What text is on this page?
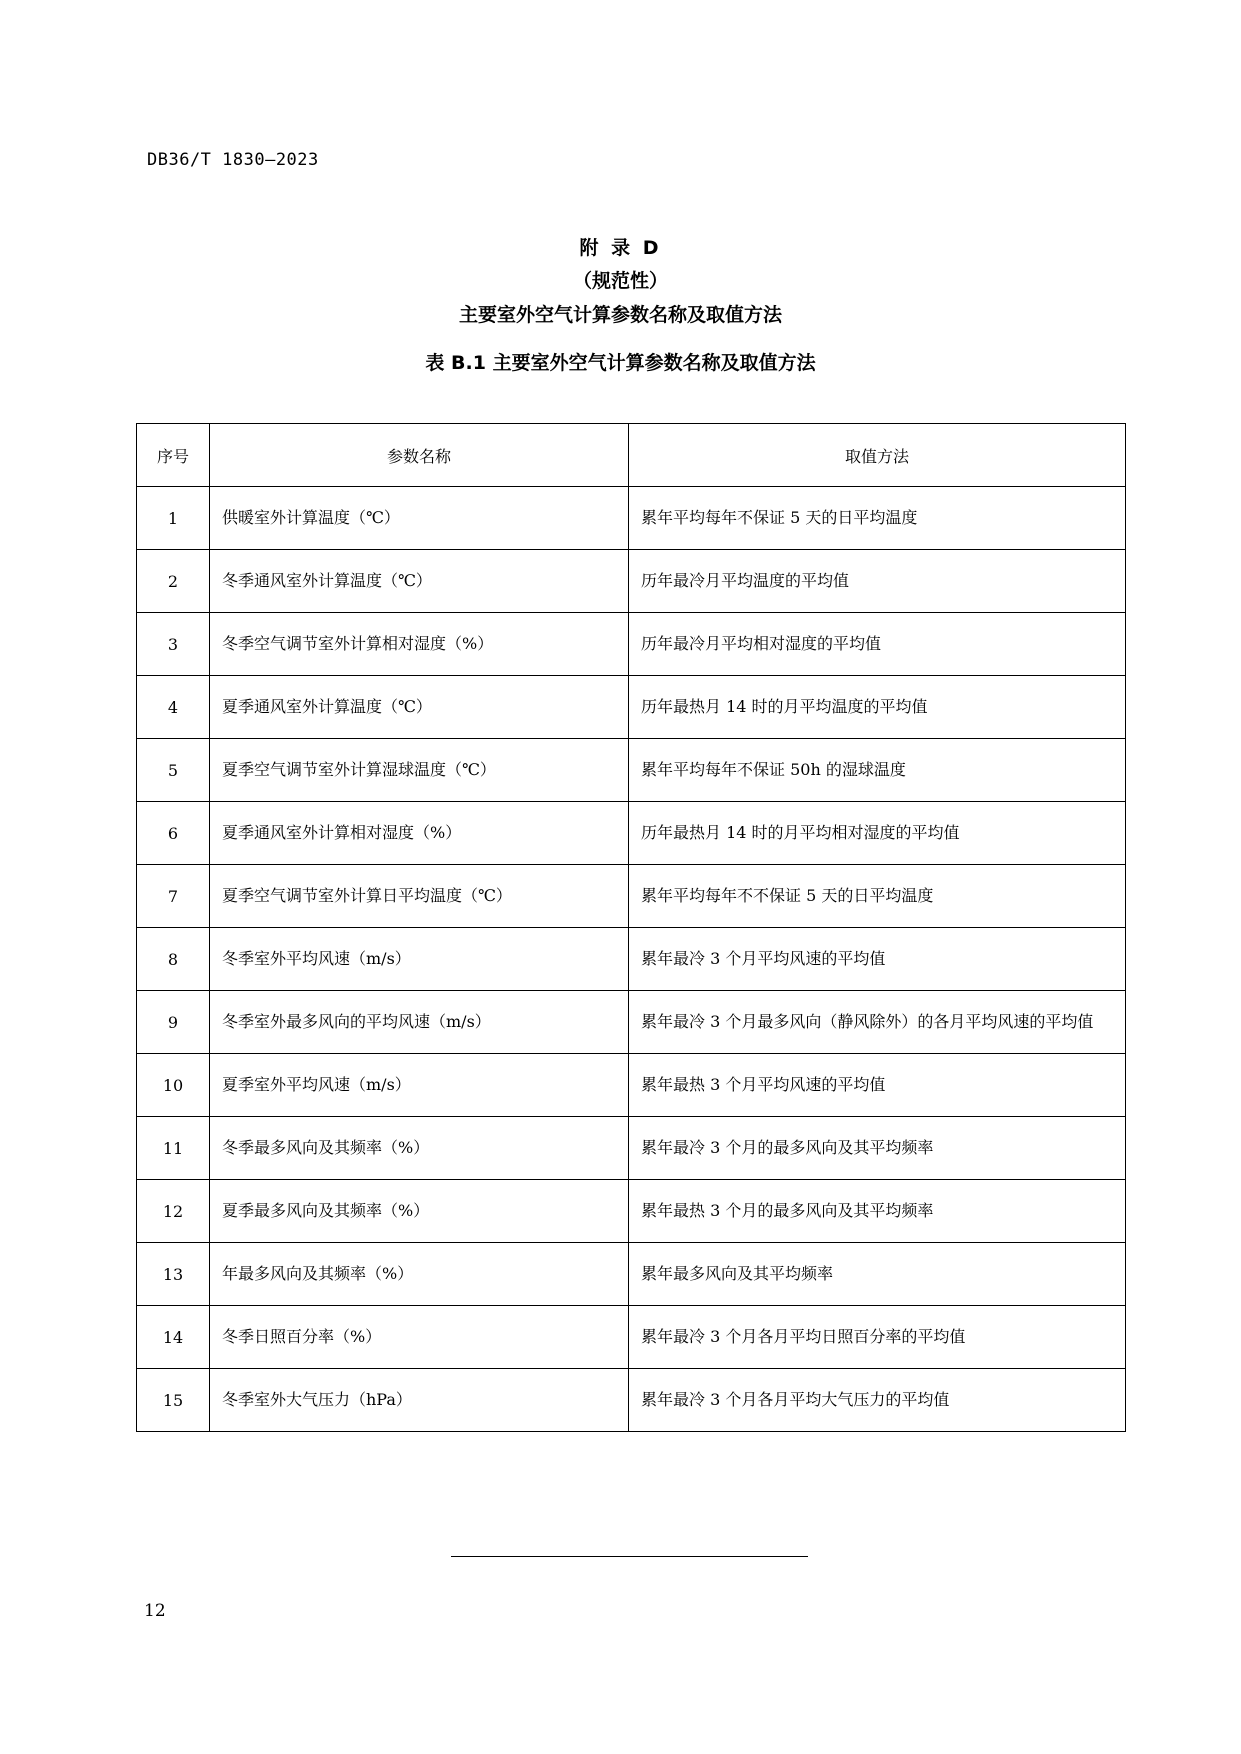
DB36/T 1830—2023
附 录 D
（规范性）
主要室外空气计算参数名称及取值方法
表 B.1 主要室外空气计算参数名称及取值方法
序号	参数名称	取值方法
1	供暖室外计算温度（℃）	累年平均每年不保证 5 天的日平均温度
2	冬季通风室外计算温度（℃）	历年最冷月平均温度的平均值
3	冬季空气调节室外计算相对湿度（%）	历年最冷月平均相对湿度的平均值
4	夏季通风室外计算温度（℃）	历年最热月 14 时的月平均温度的平均值
5	夏季空气调节室外计算湿球温度（℃）	累年平均每年不保证 50h 的湿球温度
6	夏季通风室外计算相对湿度（%）	历年最热月 14 时的月平均相对湿度的平均值
7	夏季空气调节室外计算日平均温度（℃）	累年平均每年不不保证 5 天的日平均温度
8	冬季室外平均风速（m/s）	累年最冷 3 个月平均风速的平均值
9	冬季室外最多风向的平均风速（m/s）	累年最冷 3 个月最多风向（静风除外）的各月平均风速的平均值
10	夏季室外平均风速（m/s）	累年最热 3 个月平均风速的平均值
11	冬季最多风向及其频率（%）	累年最冷 3 个月的最多风向及其平均频率
12	夏季最多风向及其频率（%）	累年最热 3 个月的最多风向及其平均频率
13	年最多风向及其频率（%）	累年最多风向及其平均频率
14	冬季日照百分率（%）	累年最冷 3 个月各月平均日照百分率的平均值
15	冬季室外大气压力（hPa）	累年最冷 3 个月各月平均大气压力的平均值
12
